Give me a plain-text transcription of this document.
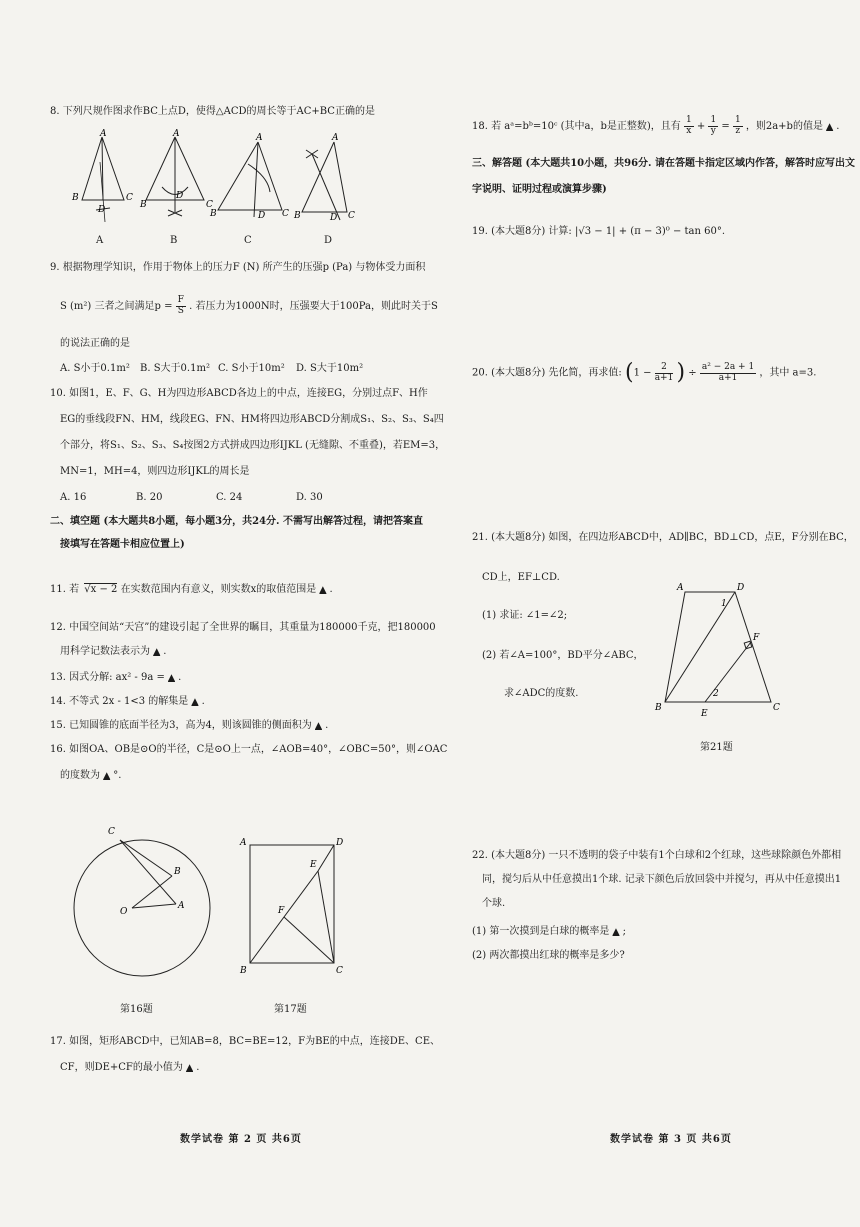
8. 下列尺规作图求作BC上点D，使得△ACD的周长等于AC+BC正确的是
B
A
D
C
A
B	C
D
A
B	C
D
A
B	C
D
A	B	C	D
9. 根据物理学知识，作用于物体上的压力F (N) 所产生的压强p (Pa) 与物体受力面积
S (m²) 三者之间满足$p = \frac{F}{S}$ . 若压力为1000N时，压强要大于100Pa，则此时关于S
的说法正确的是
A. S小于0.1m² B. S大于0.1m² C. S小于10m² D. S大于10m²
10. 如图1，E、F、G、H为四边形ABCD各边上的中点，连接EG，分别过点F、H作
EG的垂线段FN、HM，线段EG、FN、HM将四边形ABCD分割成S₁、S₂、S₃、S₄四
个部分，将S₁、S₂、S₃、S₄按图2方式拼成四边形IJKL (无缝隙、不重叠)，若EM=3，
MN=1，MH=4，则四边形IJKL的周长是
A. 16	B. 20	C. 24	D. 30
二、填空题 (本大题共8小题，每小题3分，共24分. 不需写出解答过程，请把答案直
接填写在答题卡相应位置上)
11. 若 √x − 2 在实数范围内有意义，则实数x的取值范围是 ▲ .
12. 中国空间站“天宫”的建设引起了全世界的瞩目，其重量为180000千克，把180000
用科学记数法表示为 ▲ .
13. 因式分解: ax² - 9a = ▲ .
14. 不等式 2x - 1<3 的解集是 ▲ .
15. 已知圆锥的底面半径为3，高为4，则该圆锥的侧面积为 ▲ .
16. 如图OA、OB是⊙O的半径，C是⊙O上一点，∠AOB=40°，∠OBC=50°，则∠OAC
的度数为 ▲ °.
C
B
O
A
第16题
A	D
E
F
B	C
第17题
17. 如图，矩形ABCD中，已知AB=8，BC=BE=12，F为BE的中点，连接DE、CE、
CF，则DE+CF的最小值为 ▲ .
数学试卷 第 2 页 共6页
18. 若 aᵃ=bᵇ=10ᶜ (其中a，b是正整数)，且有 $\frac{1}{x} + \frac{1}{y} = \frac{1}{z}$ ，则2a+b的值是 ▲ .
三、解答题 (本大题共10小题，共96分. 请在答题卡指定区域内作答，解答时应写出文
字说明、证明过程或演算步骤)
19. (本大题8分) 计算: |√3 − 1| + (π − 3)⁰ − tan 60°.
20. (本大题8分) 先化简，再求值: ($1 - \frac{2}{a+1}$ ) ÷ $\frac{\text{a² − 2a + 1}}{a+1}$ ，其中 a=3.
21. (本大题8分) 如图，在四边形ABCD中，AD∥BC，BD⊥CD，点E，F分别在BC，
CD上，EF⊥CD.
(1) 求证: ∠1=∠2;
(2) 若∠A=100°，BD平分∠ABC，
求∠ADC的度数.
A	D
1
F
B
2
E
C
第21题
22. (本大题8分) 一只不透明的袋子中装有1个白球和2个红球，这些球除颜色外都相
同，搅匀后从中任意摸出1个球. 记录下颜色后放回袋中并搅匀，再从中任意摸出1
个球.
(1) 第一次摸到是白球的概率是 ▲ ;
(2) 两次都摸出红球的概率是多少?
数学试卷 第 3 页 共6页
